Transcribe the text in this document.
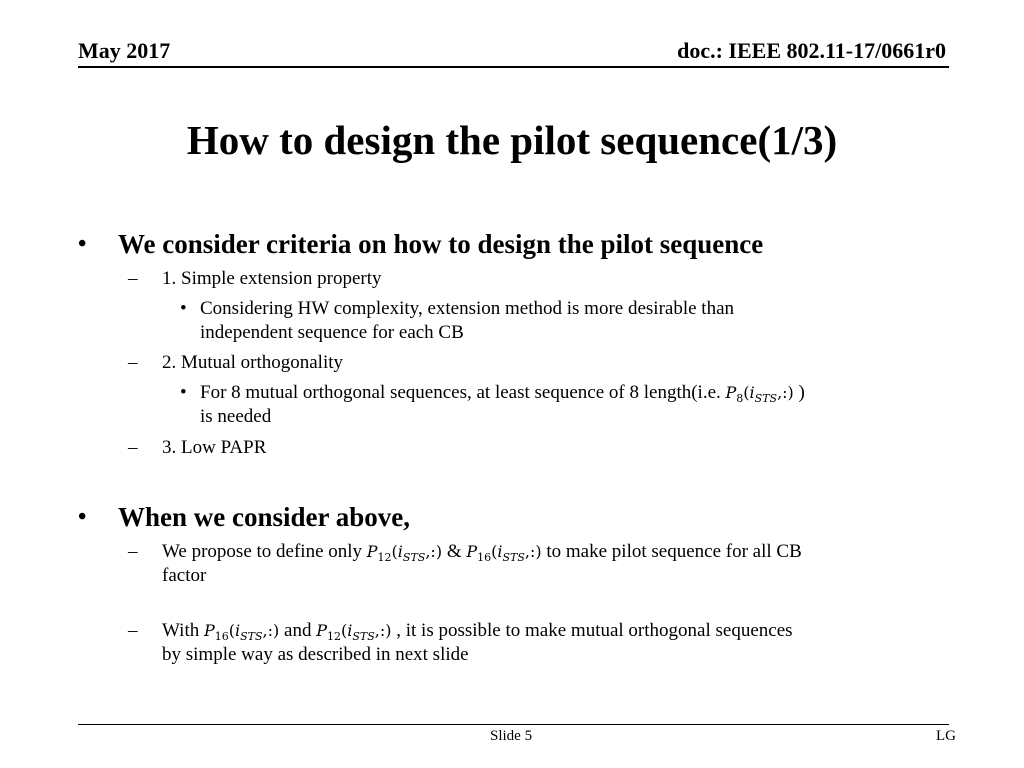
May 2017	doc.: IEEE 802.11-17/0661r0
How to design the pilot sequence(1/3)
• We consider criteria on how to design the pilot sequence
– 1. Simple extension property
• Considering HW complexity, extension method is more desirable than
independent sequence for each CB
– 2. Mutual orthogonality
• For 8 mutual orthogonal sequences, at least sequence of 8 length(i.e. $P_8(i_{STS},:)$ )
is needed
– 3. Low PAPR
• When we consider above,
– We propose to define only $P_{12}(i_{STS},:)$ & $P_{16}(i_{STS},:)$ to make pilot sequence for all CB
factor
– With $P_{16}(i_{STS},:)$ and $P_{12}(i_{STS},:)$ , it is possible to make mutual orthogonal sequences
by simple way as described in next slide
Slide 5	LG
